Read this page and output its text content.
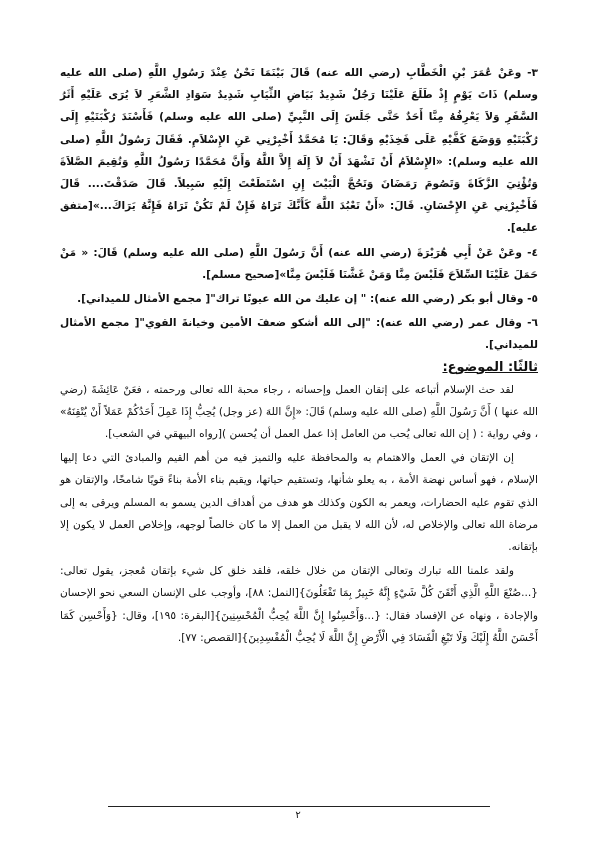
٣- وعَنْ عُمَرَ بْنِ الْخَطَّابِ (رضي الله عنه) قَالَ بَيْنَمَا نَحْنُ عِنْدَ رَسُولِ اللَّهِ (صلى الله عليه وسلم) ذَاتَ يَوْمٍ إِذْ طَلَعَ عَلَيْنَا رَجُلٌ شَدِيدُ بَيَاضِ الثِّيَابِ شَدِيدُ سَوَادِ الشَّعَرِ لاَ يُرَى عَلَيْهِ أَثَرُ السَّفَرِ وَلاَ يَعْرِفُهُ مِنَّا أَحَدٌ حَتَّى جَلَسَ إِلَى النَّبِيِّ (صلى الله عليه وسلم) فَأَسْنَدَ رُكْبَتَيْهِ إِلَى رُكْبَتَيْهِ وَوَضَعَ كَفَّيْهِ عَلَى فَخِذَيْهِ وَقَالَ: يَا مُحَمَّدُ أَخْبِرْنِي عَنِ الإِسْلاَمِ. فَقَالَ رَسُولُ اللَّهِ (صلى الله عليه وسلم): «الإِسْلاَمُ أَنْ تَشْهَدَ أَنْ لاَ إِلَهَ إِلاَّ اللَّهُ وَأَنَّ مُحَمَّدًا رَسُولُ اللَّهِ وَتُقِيمَ الصَّلاَةَ وَتُؤْتِيَ الزَّكَاةَ وَتَصُومَ رَمَضَانَ وَتَحُجَّ الْبَيْتَ إِنِ اسْتَطَعْتَ إِلَيْهِ سَبِيلاً. قَالَ صَدَقْتَ.... قَالَ فَأَخْبِرْنِي عَنِ الإِحْسَانِ. قَالَ: «أَنْ تَعْبُدَ اللَّهَ كَأَنَّكَ تَرَاهُ فَإِنْ لَمْ تَكُنْ تَرَاهُ فَإِنَّهُ يَرَاكَ...»[متفق عليه].

٤- وعَنْ عَنْ أَبِي هُرَيْرَةَ (رضي الله عنه) أَنَّ رَسُولَ اللَّهِ (صلى الله عليه وسلم) قَالَ: « مَنْ حَمَلَ عَلَيْنَا السِّلاَحَ فَلَيْسَ مِنَّا وَمَنْ غَشَّنَا فَلَيْسَ مِنَّا»[صحيح مسلم].

٥- وقال أبو بكر (رضي الله عنه): " إن عليك من الله عيونًا تراك"[ مجمع الأمثال للميداني].

٦- وقال عمر (رضي الله عنه): "إلى الله أشكو ضعفَ الأمين وخيانةَ القوي"[ مجمع الأمثال للميداني].

ثالثًا: الموضوع:

لقد حث الإسلام أتباعه على إتقان العمل وإحسانه ، رجاء محبة الله تعالى ورحمته ، فعَنْ عَائِشَةَ (رضي الله عنها ) أَنَّ رَسُولَ اللَّهِ (صلى الله عليه وسلم) قَالَ: «إِنَّ اللهَ (عز وجل) يُحِبُّ إِذَا عَمِلَ أَحَدُكُمْ عَمَلاً أَنْ يُتْقِنَهُ» ، وفي رواية : ( إن الله تعالى يُحب من العامل إذا عمل العمل أن يُحسن )[رواه البيهقي في الشعب].

إن الإتقان في العمل والاهتمام به والمحافظة عليه والتميز فيه من أهم القيم والمبادئ التي دعا إليها الإسلام ، فهو أساس نهضة الأمة ، به يعلو شأنها، وتستقيم حياتها، ويقيم بناء الأمة بناءً قويًا شامخًا، والإتقان هو الذي تقوم عليه الحضارات، ويعمر به الكون وكذلك هو هدف من أهداف الدين يسمو به المسلم ويرقى به إلى مرضاة الله تعالى والإخلاص له، لأن الله لا يقبل من العمل إلا ما كان خالصاً لوجهه، وإخلاص العمل لا يكون إلا بإتقانه.

ولقد علمنا الله تبارك وتعالى الإتقان من خلال خلقه، فلقد خلق كل شيء بإتقان مُعجز، يقول تعالى:{...صُنْعَ اللَّهِ الَّذِي أَتْقَنَ كُلَّ شَيْءٍ إِنَّهُ خَبِيرٌ بِمَا تَفْعَلُونَ}[النمل: ٨٨]، وأوجب على الإنسان السعي نحو الإحسان والإجادة ، ونهاه عن الإفساد فقال: {...وَأَحْسِنُوا إِنَّ اللَّهَ يُحِبُّ الْمُحْسِنِينَ}[البقرة: ١٩٥]، وقال: {وَأَحْسِن كَمَا أَحْسَنَ اللَّهُ إِلَيْكَ وَلَا تَبْغِ الْفَسَادَ فِي الْأَرْضِ إِنَّ اللَّهَ لَا يُحِبُّ الْمُفْسِدِينَ}[القصص: ٧٧].

٢
